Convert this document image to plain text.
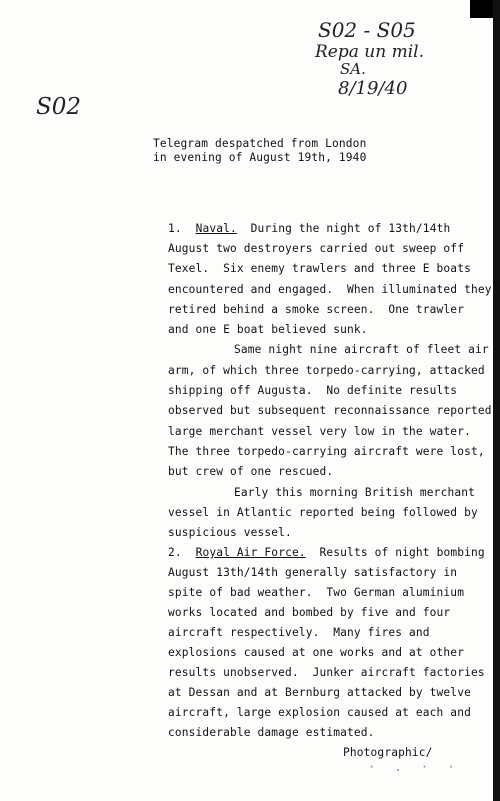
S02 - S05
Repa un mil.
SA.
8/19/40
S02
Telegram despatched from London
in evening of August 19th, 1940
1. Naval. During the night of 13th/14th
August two destroyers carried out sweep off
Texel.  Six enemy trawlers and three E boats
encountered and engaged.  When illuminated they
retired behind a smoke screen.  One trawler
and one E boat believed sunk.
Same night nine aircraft of fleet air
arm, of which three torpedo-carrying, attacked
shipping off Augusta.  No definite results
observed but subsequent reconnaissance reported
large merchant vessel very low in the water.
The three torpedo-carrying aircraft were lost,
but crew of one rescued.
Early this morning British merchant
vessel in Atlantic reported being followed by
suspicious vessel.
2. Royal Air Force. Results of night bombing
August 13th/14th generally satisfactory in
spite of bad weather.  Two German aluminium
works located and bombed by five and four
aircraft respectively.  Many fires and
explosions caused at one works and at other
results unobserved.  Junker aircraft factories
at Dessan and at Bernburg attacked by twelve
aircraft, large explosion caused at each and
considerable damage estimated.
Photographic/
· . · ·
